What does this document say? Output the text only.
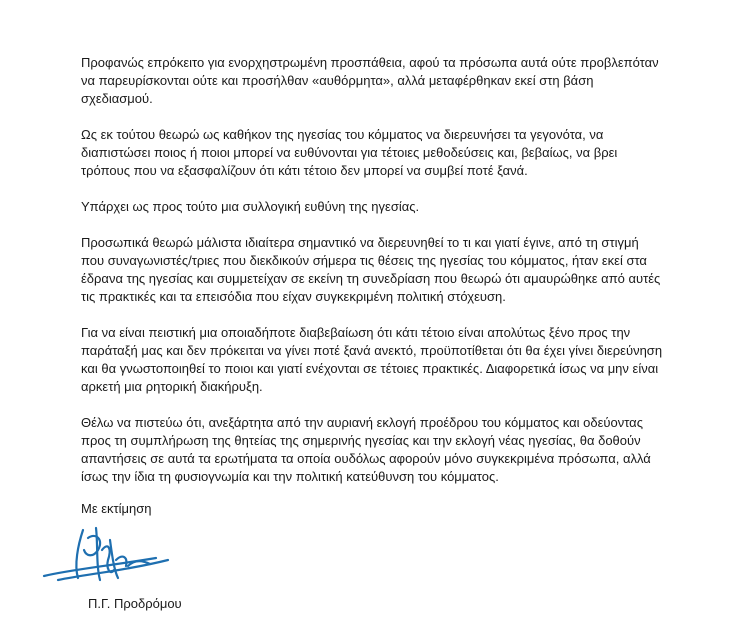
Προφανώς επρόκειτο για ενορχηστρωμένη προσπάθεια, αφού τα πρόσωπα αυτά ούτε προβλεπόταν
να παρευρίσκονται ούτε και προσήλθαν «αυθόρμητα», αλλά μεταφέρθηκαν εκεί στη βάση
σχεδιασμού.

Ως εκ τούτου θεωρώ ως καθήκον της ηγεσίας του κόμματος να διερευνήσει τα γεγονότα, να
διαπιστώσει ποιος ή ποιοι μπορεί να ευθύνονται για τέτοιες μεθοδεύσεις και, βεβαίως, να βρει
τρόπους που να εξασφαλίζουν ότι κάτι τέτοιο δεν μπορεί να συμβεί ποτέ ξανά.

Υπάρχει ως προς τούτο μια συλλογική ευθύνη της ηγεσίας.

Προσωπικά θεωρώ μάλιστα ιδιαίτερα σημαντικό να διερευνηθεί το τι και γιατί έγινε, από τη στιγμή
που συναγωνιστές/τριες που διεκδικούν σήμερα τις θέσεις της ηγεσίας του κόμματος, ήταν εκεί στα
έδρανα της ηγεσίας και συμμετείχαν σε εκείνη τη συνεδρίαση που θεωρώ ότι αμαυρώθηκε από αυτές
τις πρακτικές και τα επεισόδια που είχαν συγκεκριμένη πολιτική στόχευση.

Για να είναι πειστική μια οποιαδήποτε διαβεβαίωση ότι κάτι τέτοιο είναι απολύτως ξένο προς την
παράταξή μας και δεν πρόκειται να γίνει ποτέ ξανά ανεκτό, προϋποτίθεται ότι θα έχει γίνει διερεύνηση
και θα γνωστοποιηθεί το ποιοι και γιατί ενέχονται σε τέτοιες πρακτικές. Διαφορετικά ίσως να μην είναι
αρκετή μια ρητορική διακήρυξη.

Θέλω να πιστεύω ότι, ανεξάρτητα από την αυριανή εκλογή προέδρου του κόμματος και οδεύοντας
προς τη συμπλήρωση της θητείας της σημερινής ηγεσίας και την εκλογή νέας ηγεσίας, θα δοθούν
απαντήσεις σε αυτά τα ερωτήματα τα οποία ουδόλως αφορούν μόνο συγκεκριμένα πρόσωπα, αλλά
ίσως την ίδια τη φυσιογνωμία και την πολιτική κατεύθυνση του κόμματος.

Με εκτίμηση
Π.Γ. Προδρόμου
